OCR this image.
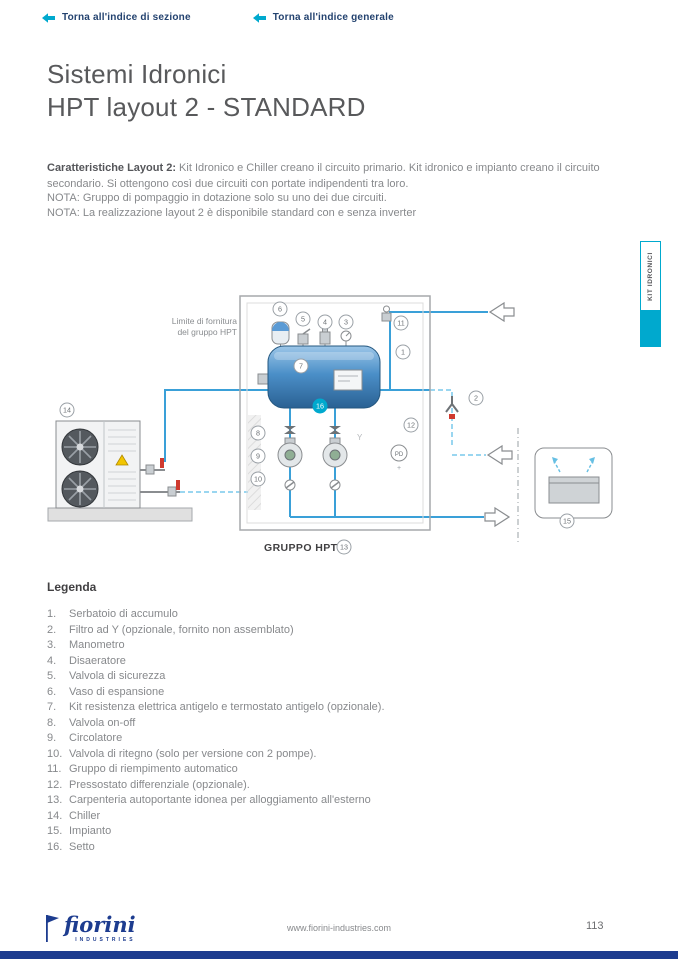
Torna all'indice di sezione	Torna all'indice generale
Sistemi Idronici
HPT layout 2 - STANDARD

Caratteristiche Layout 2: Kit Idronico e Chiller creano il circuito primario. Kit idronico e impianto creano il circuito secondario. Si ottengono così due circuiti con portate indipendenti tra loro.

NOTA: Gruppo di pompaggio in dotazione solo su uno dei due circuiti.
NOTA: La realizzazione layout 2 è disponibile standard con e senza inverter
KIT IDRONICI
Limite di fornitura
del gruppo HPT
Y
PD
+
GRUPPO HPT
1
2
3
4
5
6
7
8
9
10
11
12
13
14
15
16
Legenda
1.	Serbatoio di accumulo
2.	Filtro ad Y (opzionale, fornito non assemblato)
3.	Manometro
4.	Disaeratore
5.	Valvola di sicurezza
6.	Vaso di espansione
7.	Kit resistenza elettrica antigelo e termostato antigelo (opzionale).
8.	Valvola on-off
9.	Circolatore
10. Valvola di ritegno (solo per versione con 2 pompe).
11. Gruppo di riempimento automatico
12. Pressostato differenziale (opzionale).
13. Carpenteria autoportante idonea per alloggiamento all'esterno
14. Chiller
15. Impianto
16. Setto
fiorini
INDUSTRIES
www.fiorini-industries.com	113
